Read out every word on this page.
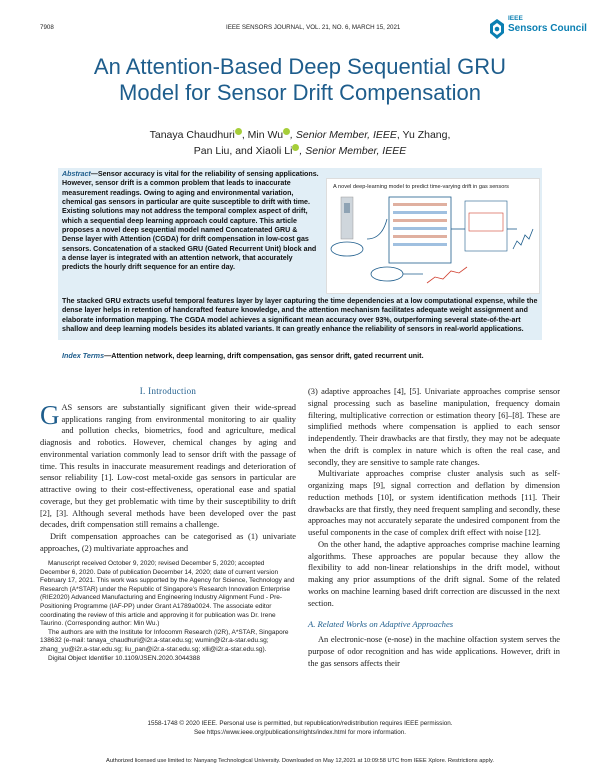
7908	IEEE SENSORS JOURNAL, VOL. 21, NO. 6, MARCH 15, 2021
IEEE
Sensors Council
An Attention-Based Deep Sequential GRU
Model for Sensor Drift Compensation
Tanaya Chaudhuri , Min Wu , Senior Member, IEEE, Yu Zhang,
Pan Liu, and Xiaoli Li , Senior Member, IEEE
Abstract—Sensor accuracy is vital for the reliability of sensing applications. However, sensor drift is a common problem that leads to inaccurate measurement readings. Owing to aging and environmental variation, chemical gas sensors in particular are quite susceptible to drift with time. Existing solutions may not address the temporal complex aspect of drift, which a sequential deep learning approach could capture. This article proposes a novel deep sequential model named Concatenated GRU & Dense layer with Attention (CGDA) for drift compensation in low-cost gas sensors. Concatenation of a stacked GRU (Gated Recurrent Unit) block and a dense layer is integrated with an attention network, that accurately predicts the hourly drift sequence for an entire day.
The stacked GRU extracts useful temporal features layer by layer capturing the time dependencies at a low computational expense, while the dense layer helps in retention of handcrafted feature knowledge, and the attention mechanism facilitates adequate weight assignment and elaborate information mapping. The CGDA model achieves a significant mean accuracy over 93%, outperforming several state-of-the-art shallow and deep learning models besides its ablated variants. It can greatly enhance the reliability of sensors in real-world applications.
A novel deep-learning model to predict time-varying drift in gas sensors
Index Terms—Attention network, deep learning, drift compensation, gas sensor drift, gated recurrent unit.
I. Introduction
GAS sensors are substantially significant given their wide-spread applications ranging from environmental monitoring to air quality and pollution checks, biometrics, food and agriculture, medical diagnosis and robotics. However, chemical changes by aging and environmental variation commonly lead to sensor drift with the passage of time. This results in inaccurate measurement readings and deterioration of sensor reliability [1]. Low-cost metal-oxide gas sensors in particular are attractive owing to their cost-effectiveness, operational ease and spatial coverage, but they get problematic with time by their susceptibility to drift [2], [3]. Although several methods have been developed over the past decades, drift compensation still remains a challenge.

Drift compensation approaches can be categorised as (1) univariate approaches, (2) multivariate approaches and

Manuscript received October 9, 2020; revised December 5, 2020; accepted December 6, 2020. Date of publication December 14, 2020; date of current version February 17, 2021. This work was supported by the Agency for Science, Technology and Research (A*STAR) under the Republic of Singapore’s Research Innovation Enterprise (RIE2020) Advanced Manufacturing and Engineering Industry Alignment Fund - Pre-Positioning Programme (IAF-PP) under Grant A1789a0024. The associate editor coordinating the review of this article and approving it for publication was Dr. Irene Taurino. (Corresponding author: Min Wu.)

The authors are with the Institute for Infocomm Research (I2R), A*STAR, Singapore 138632 (e-mail: tanaya_chaudhuri@i2r.a-star.edu.sg; wumin@i2r.a-star.edu.sg; zhang_yu@i2r.a-star.edu.sg; liu_pan@i2r.a-star.edu.sg; xlli@i2r.a-star.edu.sg).

Digital Object Identifier 10.1109/JSEN.2020.3044388

(3) adaptive approaches [4], [5]. Univariate approaches comprise sensor signal processing such as baseline manipulation, frequency domain filtering, multiplicative correction or estimation theory [6]–[8]. These are simplified methods where compensation is applied to each sensor independently. Their drawbacks are that firstly, they may not be adequate when the drift is complex in nature which is often the real case, and secondly, they are sensitive to sample rate changes.

Multivariate approaches comprise cluster analysis such as self-organizing maps [9], signal correction and deflation by dimension reduction methods [10], or system identification methods [11]. Their drawbacks are that firstly, they need frequent sampling and secondly, these approaches may not accurately separate the undesired component from the useful components in the case of complex drift effect with noise [12].

On the other hand, the adaptive approaches comprise machine learning algorithms. These approaches are popular because they allow the flexibility to add non-linear relationships in the drift model, without making any prior assumptions of the drift signal. Some of the related works on machine learning based drift correction are discussed in the next section.

A. Related Works on Adaptive Approaches

An electronic-nose (e-nose) in the machine olfaction system serves the purpose of odor recognition and has wide applications. However, drift in the gas sensors affects their

1558-1748 © 2020 IEEE. Personal use is permitted, but republication/redistribution requires IEEE permission.
See https://www.ieee.org/publications/rights/index.html for more information.
Authorized licensed use limited to: Nanyang Technological University. Downloaded on May 12,2021 at 10:09:58 UTC from IEEE Xplore. Restrictions apply.
